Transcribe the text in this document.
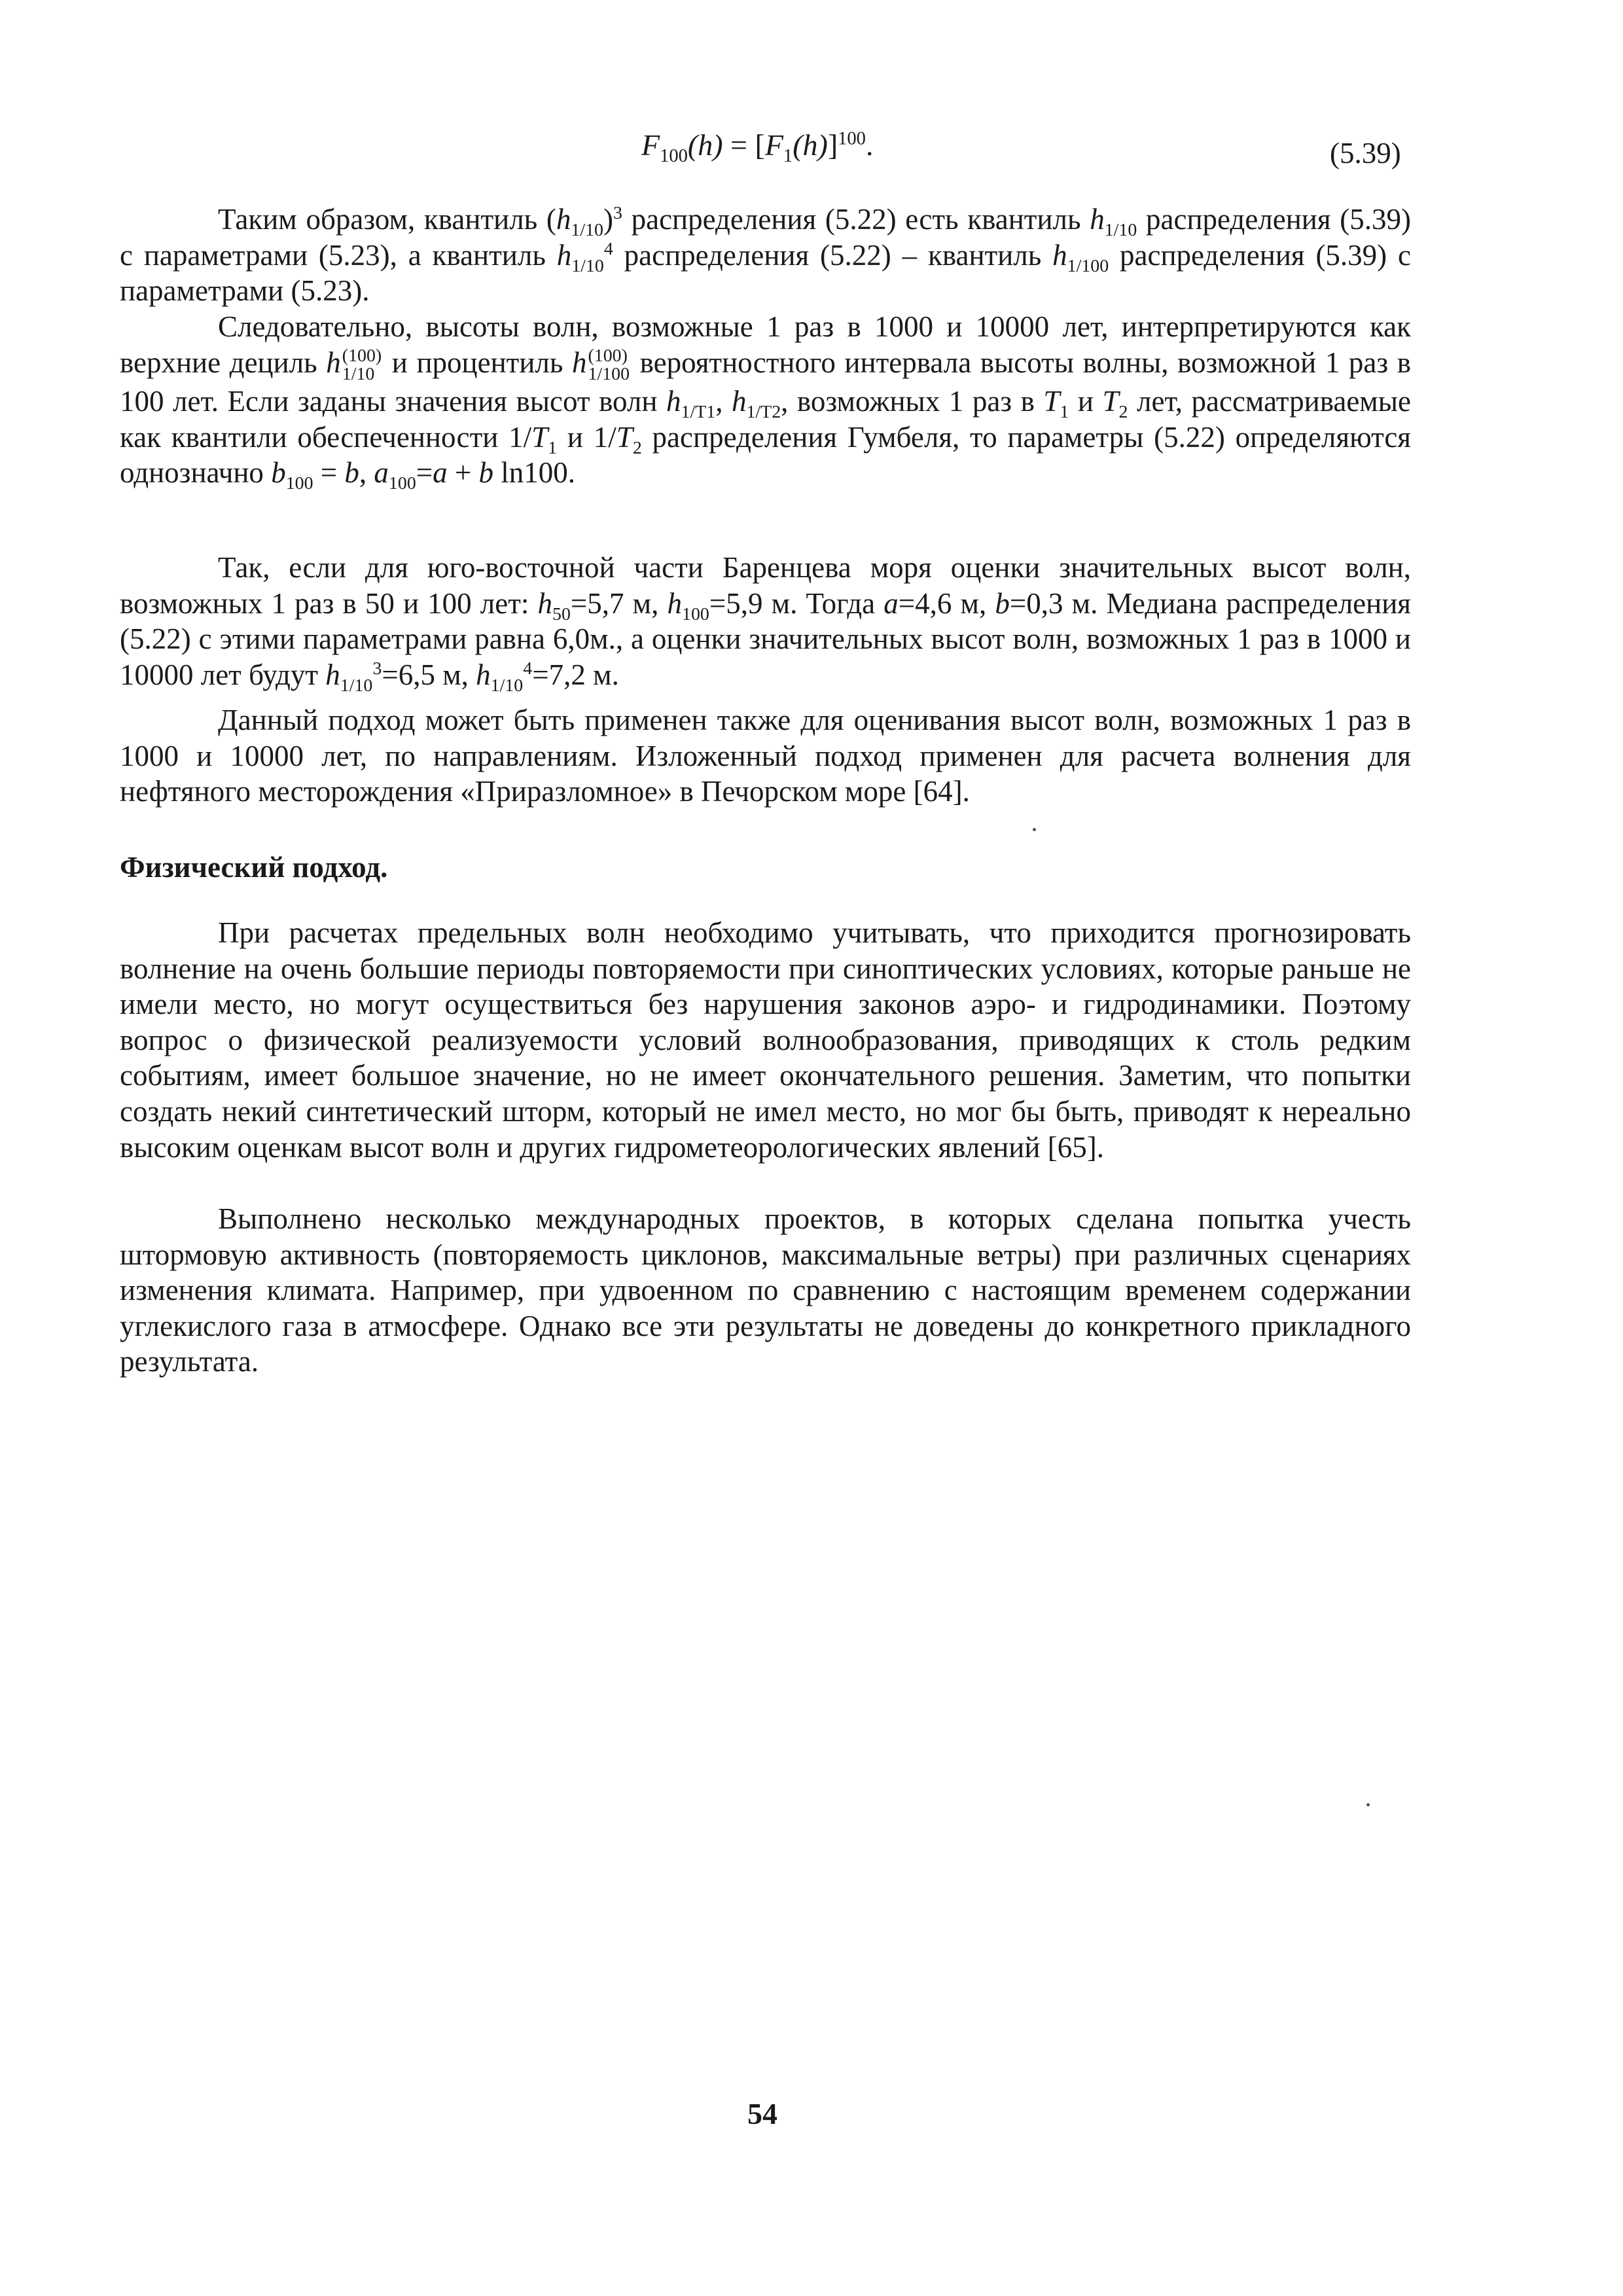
$F_{100}(h) = [F_1(h)]^{100}$.	(5.39)
Таким образом, квантиль $(h_{1/10})^3$ распределения (5.22) есть квантиль $h_{1/10}$ распределения (5.39) с параметрами (5.23), а квантиль $h_{1/10}^4$ распределения (5.22) – квантиль $h_{1/100}$ распределения (5.39) с параметрами (5.23).
Следовательно, высоты волн, возможные 1 раз в 1000 и 10000 лет, интерпретируются как верхние дециль h (100)
1/10 и процентиль h (100)
1/100 вероятностного интервала высоты волны, возможной 1 раз в 100 лет. Если заданы значения высот волн $h_{1/T1}$, $h_{1/T2}$, возможных 1 раз в $T_1$ и $T_2$ лет, рассматриваемые как квантили обеспеченности $1/T_1$ и $1/T_2$ распределения Гумбеля, то параметры (5.22) определяются однозначно $b_{100} = b$, $a_{100}=a + b$ ln100.
Так, если для юго-восточной части Баренцева моря оценки значительных высот волн, возможных 1 раз в 50 и 100 лет: $h_{50}=5,7$ м, $h_{100}=5,9$ м. Тогда a=4,6 м, b=0,3 м. Медиана распределения (5.22) с этими параметрами равна 6,0м., а оценки значительных высот волн, возможных 1 раз в 1000 и 10000 лет будут $h_{1/10}^3=6,5$ м, $h_{1/10}^4=7,2$ м.
Данный подход может быть применен также для оценивания высот волн, возможных 1 раз в 1000 и 10000 лет, по направлениям. Изложенный подход применен для расчета волнения для нефтяного месторождения «Приразломное» в Печорском море [64].
Физический подход.
При расчетах предельных волн необходимо учитывать, что приходится прогнозировать волнение на очень большие периоды повторяемости при синоптических условиях, которые раньше не имели место, но могут осуществиться без нарушения законов аэро- и гидродинамики. Поэтому вопрос о физической реализуемости условий волнообразования, приводящих к столь редким событиям, имеет большое значение, но не имеет окончательного решения. Заметим, что попытки создать некий синтетический шторм, который не имел место, но мог бы быть, приводят к нереально высоким оценкам высот волн и других гидрометеорологических явлений [65].
Выполнено несколько международных проектов, в которых сделана попытка учесть штормовую активность (повторяемость циклонов, максимальные ветры) при различных сценариях изменения климата. Например, при удвоенном по сравнению с настоящим временем содержании углекислого газа в атмосфере. Однако все эти результаты не доведены до конкретного прикладного результата.
54
